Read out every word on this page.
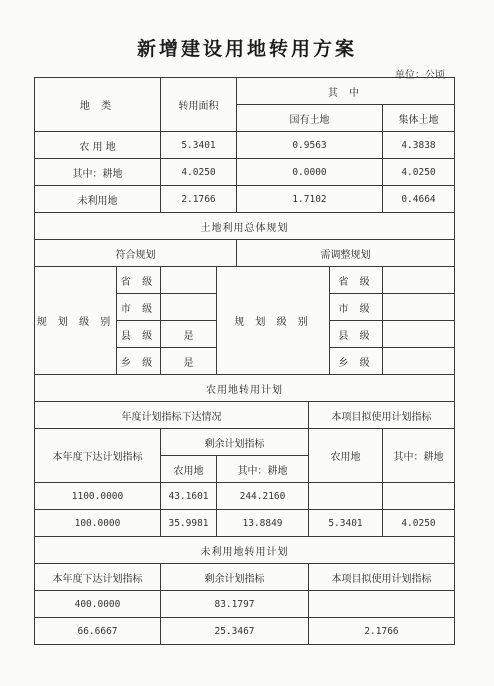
新增建设用地转用方案
单位：公顷
地 类		转用面积		其 中			
				国有土地			集体土地
农 用 地		5.3401		0.9563			4.3838
其中：耕地		4.0250		0.0000			4.0250
未利用地		2.1766		1.7102			0.4664
土地利用总体规划							
符合规划				需调整规划			
规 划 级 别	省 级		规 划 级 别			省 级	
	市 级					市 级	
	县 级	是				县 级	
	乡 级	是				乡 级	
农用地转用计划							
年度计划指标下达情况					本项目拟使用计划指标		
本年度下达计划指标		剩余计划指标			农用地		其中：耕地
		农用地	其中：耕地				
1100.0000		43.1601	244.2160				
100.0000		35.9981	13.8849		5.3401		4.0250
未利用地转用计划							
本年度下达计划指标		剩余计划指标			本项目拟使用计划指标		
400.0000		83.1797					
66.6667		25.3467			2.1766		
